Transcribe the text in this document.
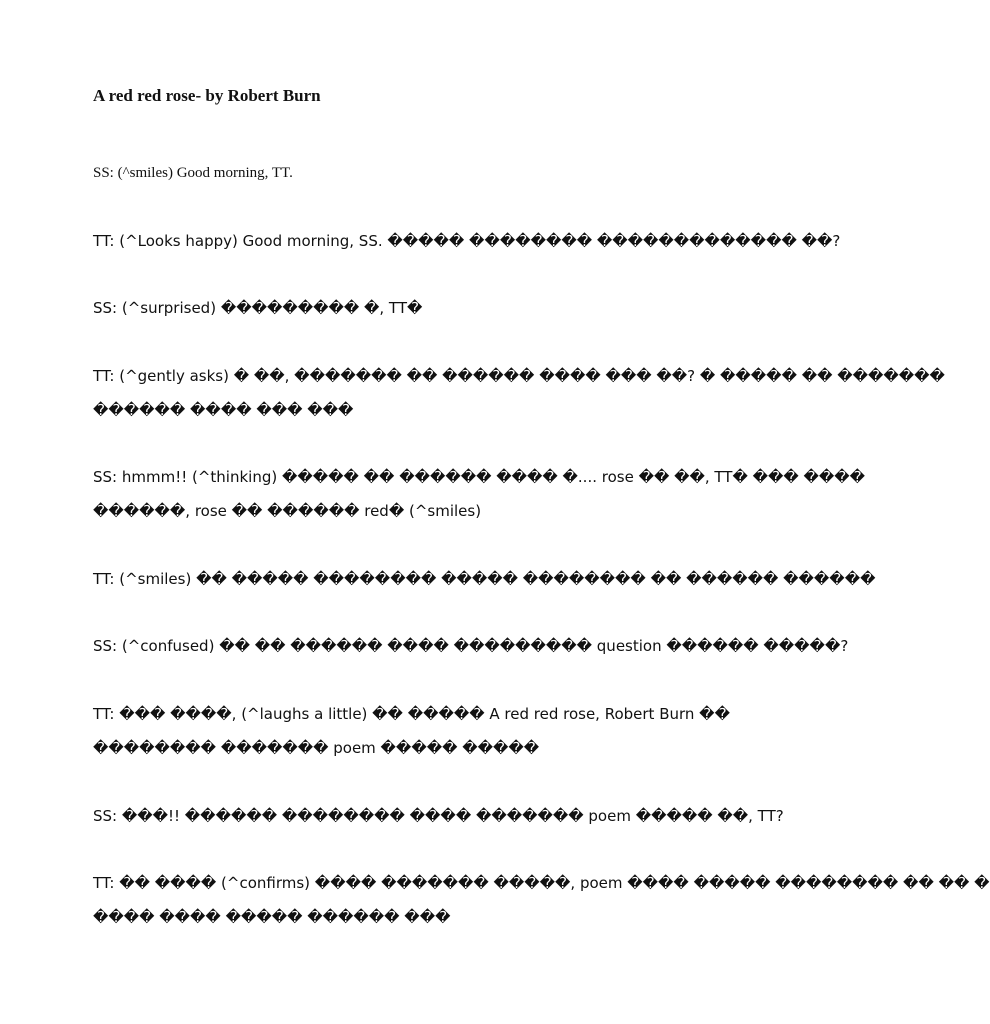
A red red rose- by Robert Burn
SS: (^smiles) Good morning, TT.
TT: (^Looks happy) Good morning, SS. ����� �������� ������������� ��?
SS: (^surprised) ��������� �, TT�
TT: (^gently asks) � ��, ������� �� ������ ���� ��� ��? � ����� �� �������
������ ���� ��� ���
SS: hmmm!! (^thinking) ����� �� ������ ���� �.... rose �� ��, TT� ��� ����
������, rose �� ������ red� (^smiles)
TT: (^smiles) �� ����� �������� ����� �������� �� ������ ������
SS: (^confused) �� �� ������ ���� ��������� question ������ �����?
TT: ��� ����, (^laughs a little) �� ����� A red red rose, Robert Burn ��
�������� ������� poem ����� �����
SS: ���!! ������ �������� ���� ������� poem ����� ��, TT?
TT: �� ���� (^confirms) ���� ������� �����, poem ���� ����� �������� �� �� �
���� ���� ����� ������ ���
